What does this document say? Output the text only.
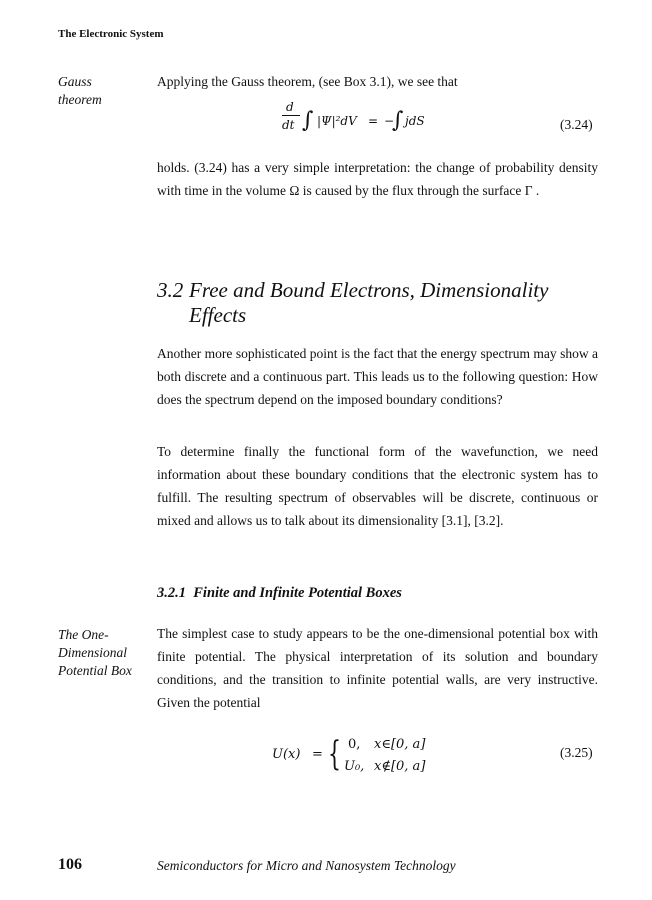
The Electronic System
Gauss
theorem

Applying the Gauss theorem, (see Box 3.1), we see that

d
dt ∫ |Ψ|²dV = −
∫ jdS	(3.24)

holds. (3.24) has a very simple interpretation: the change of probability density with time in the volume Ω is caused by the flux through the surface Γ .

3.2 Free and Bound Electrons, Dimensionality
Effects

Another more sophisticated point is the fact that the energy spectrum may show a both discrete and a continuous part. This leads us to the following question: How does the spectrum depend on the imposed boundary conditions?

To determine finally the functional form of the wavefunction, we need information about these boundary conditions that the electronic system has to fulfill. The resulting spectrum of observables will be discrete, continuous or mixed and allows us to talk about its dimensionality [3.1], [3.2].

3.2.1 Finite and Infinite Potential Boxes
The One-
Dimensional
Potential Box

The simplest case to study appears to be the one-dimensional potential box with finite potential. The physical interpretation of its solution and boundary conditions, and the transition to infinite potential walls, are very instructive. Given the potential

U(x) = { 0, x∈[0, a]
U₀, x∉[0, a]
(3.25)
106	Semiconductors for Micro and Nanosystem Technology
